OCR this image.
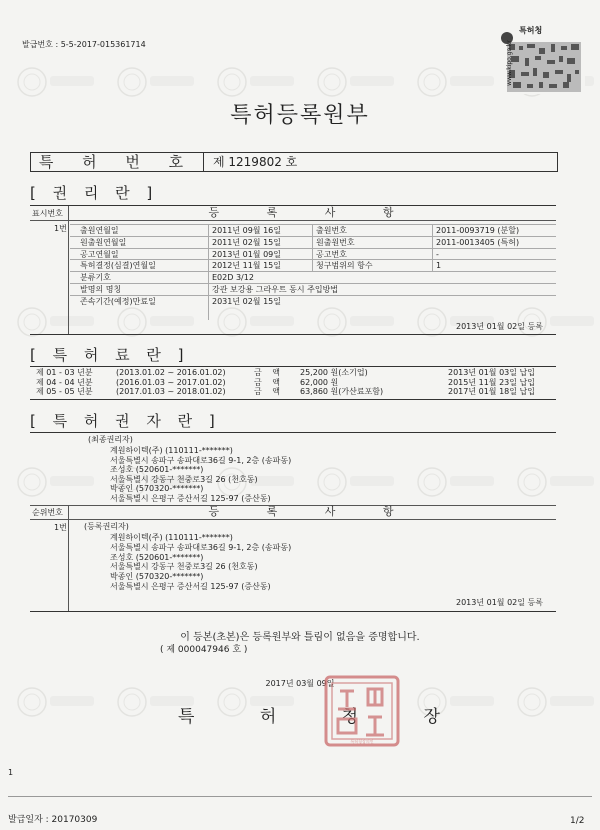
발급번호 : 5-5-2017-015361714
특허청
www.kipo.go.kr
특허등록원부
특 허 번 호	제 1219802 호
[ 권 리 란 ]
표시번호	등 록 사 항
1번 출원연월일	2011년 09월 16일	출원번호	2011-0093719 (분할)
원출원연월일	2011년 02월 15일	원출원번호	2011-0013405 (특허)
공고연월일	2013년 01월 09일	공고번호	-
특허결정(심결)연월일	2012년 11월 15일	청구범위의 항수	1
분류기호	E02D 3/12
발명의 명칭	강관 보강용 그라우트 동시 주입방법
존속기간(예정)만료일	2031년 02월 15일
2013년 01월 02일 등록
[ 특 허 료 란 ]
제 01 - 03 년분	(2013.01.02 ~ 2016.01.02)	금 액 25,200 원(소기업)	2013년 01월 03일 납입
제 04 - 04 년분	(2016.01.03 ~ 2017.01.02)	금 액 62,000 원	2015년 11월 23일 납입
제 05 - 05 년분	(2017.01.03 ~ 2018.01.02)	금 액 63,860 원(가산료포함)	2017년 01월 18일 납입
[ 특 허 권 자 란 ]
순위번호	등 록 사 항
1번
(최종권리자)
계원하이텍(주) (110111-*******)
서울특별시 송파구 송파대로36길 9-1, 2층 (송파동)
조성호 (520601-*******)
서울특별시 강동구 천중로3길 26 (천호동)
박종인 (570320-*******)
서울특별시 은평구 증산서길 125-97 (증산동)
(등록권리자)
계원하이텍(주) (110111-*******)
서울특별시 송파구 송파대로36길 9-1, 2층 (송파동)
조성호 (520601-*******)
서울특별시 강동구 천중로3길 26 (천호동)
박종인 (570320-*******)
서울특별시 은평구 증산서길 125-97 (증산동)
2013년 01월 02일 등록
이 등본(초본)은 등록원부와 틀림이 없음을 증명합니다.
( 제 000047946 호 )
2017년 03월 09일
특 허 청 장
특허청장의인
1
발급일자 : 20170309	1/2
